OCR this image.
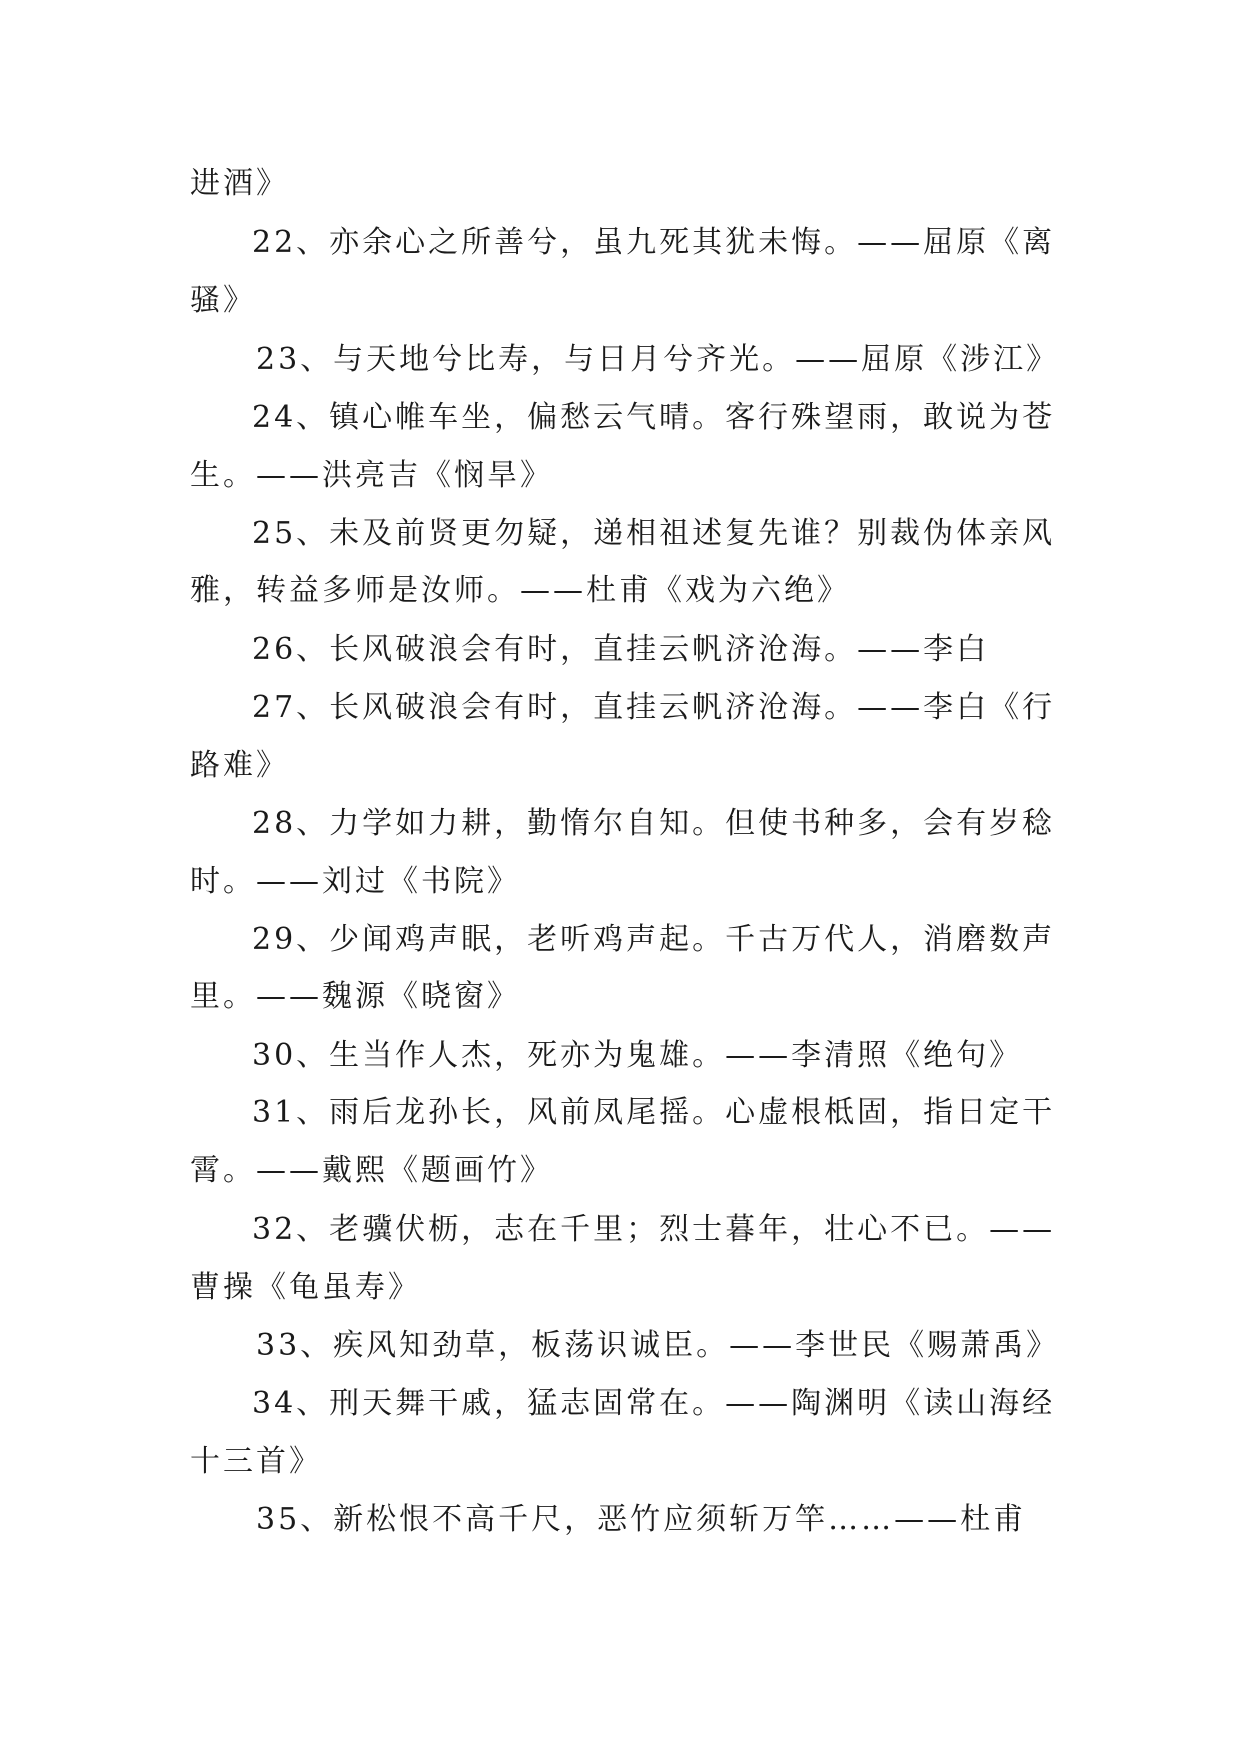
进酒》
22、亦余心之所善兮，虽九死其犹未悔。——屈原《离
骚》
23、与天地兮比寿，与日月兮齐光。——屈原《涉江》
24、镇心帷车坐，偏愁云气晴。客行殊望雨，敢说为苍
生。——洪亮吉《悯旱》
25、未及前贤更勿疑，递相祖述复先谁？别裁伪体亲风
雅，转益多师是汝师。——杜甫《戏为六绝》
26、长风破浪会有时，直挂云帆济沧海。——李白
27、长风破浪会有时，直挂云帆济沧海。——李白《行
路难》
28、力学如力耕，勤惰尔自知。但使书种多，会有岁稔
时。——刘过《书院》
29、少闻鸡声眠，老听鸡声起。千古万代人，消磨数声
里。——魏源《晓窗》
30、生当作人杰，死亦为鬼雄。——李清照《绝句》
31、雨后龙孙长，风前凤尾摇。心虚根柢固，指日定干
霄。——戴熙《题画竹》
32、老骥伏枥，志在千里；烈士暮年，壮心不已。——
曹操《龟虽寿》
33、疾风知劲草，板荡识诚臣。——李世民《赐萧禹》
34、刑天舞干戚，猛志固常在。——陶渊明《读山海经
十三首》
35、新松恨不高千尺，恶竹应须斩万竿……——杜甫
